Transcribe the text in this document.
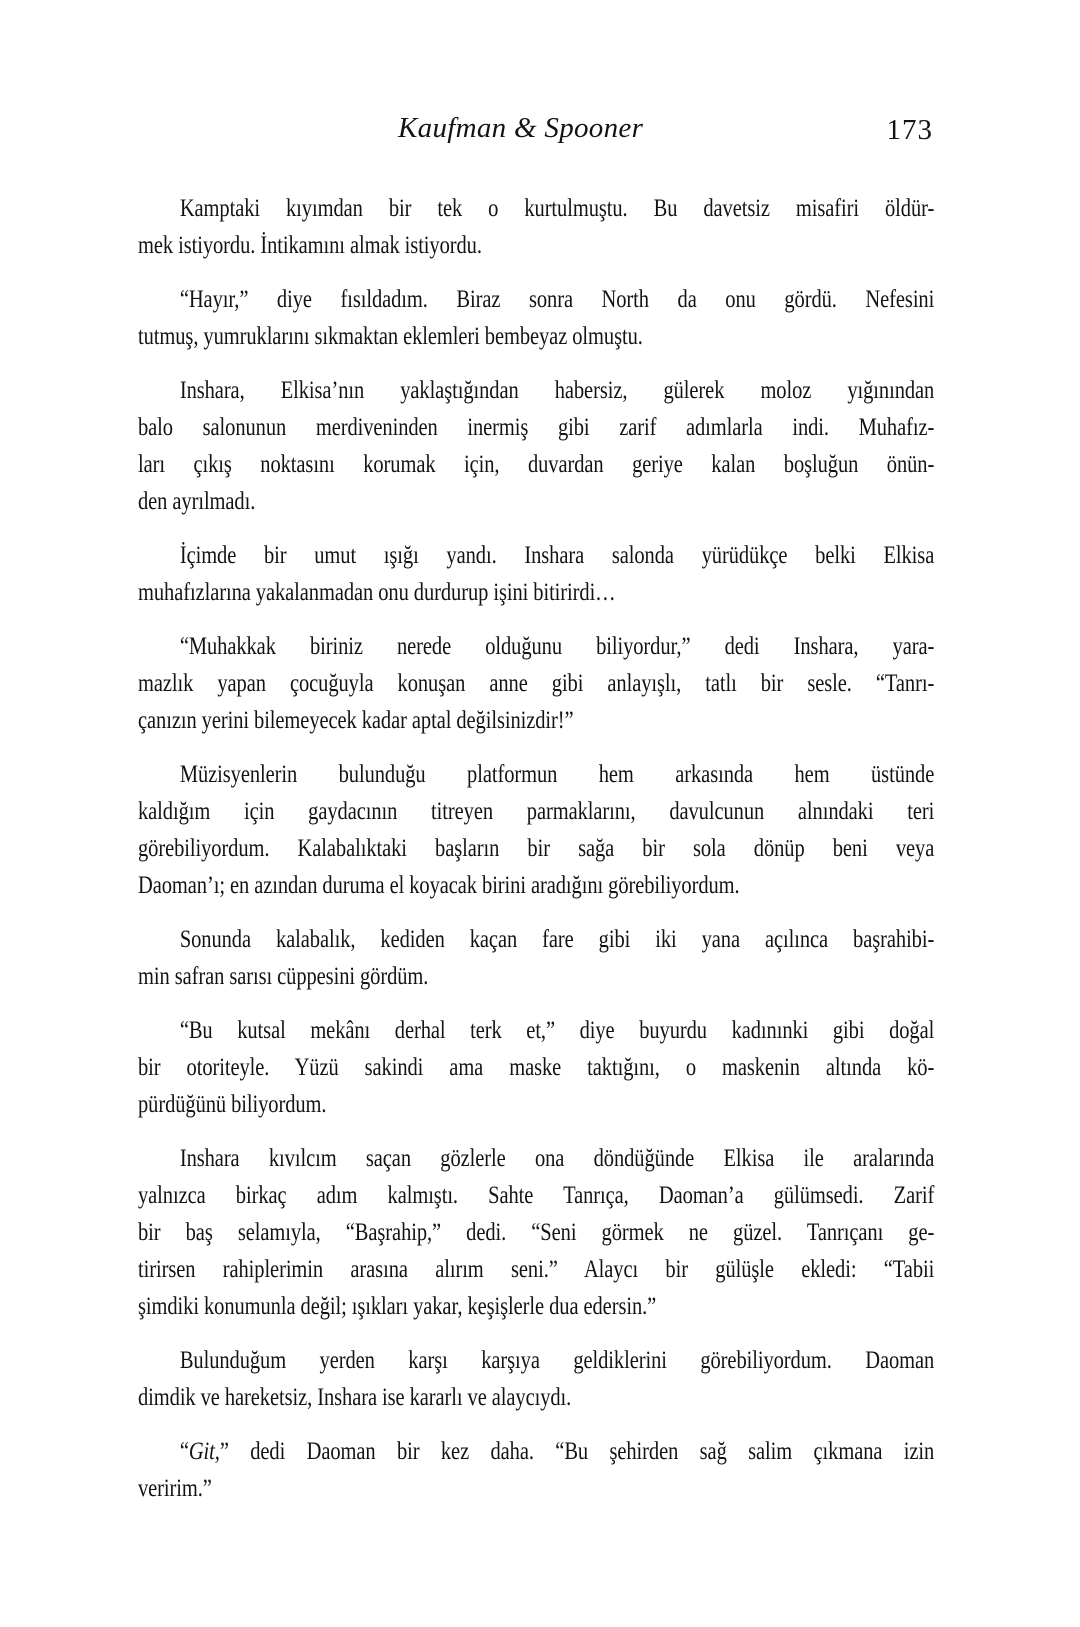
Kaufman & Spooner	173
Kamptaki kıyımdan bir tek o kurtulmuştu. Bu davetsiz misafiri öldür-
mek istiyordu. İntikamını almak istiyordu.
“Hayır,” diye fısıldadım. Biraz sonra North da onu gördü. Nefesini
tutmuş, yumruklarını sıkmaktan eklemleri bembeyaz olmuştu.
Inshara, Elkisa’nın yaklaştığından habersiz, gülerek moloz yığınından
balo salonunun merdiveninden inermiş gibi zarif adımlarla indi. Muhafız-
ları çıkış noktasını korumak için, duvardan geriye kalan boşluğun önün-
den ayrılmadı.
İçimde bir umut ışığı yandı. Inshara salonda yürüdükçe belki Elkisa
muhafızlarına yakalanmadan onu durdurup işini bitirirdi…
“Muhakkak biriniz nerede olduğunu biliyordur,” dedi Inshara, yara-
mazlık yapan çocuğuyla konuşan anne gibi anlayışlı, tatlı bir sesle. “Tanrı-
çanızın yerini bilemeyecek kadar aptal değilsinizdir!”
Müzisyenlerin bulunduğu platformun hem arkasında hem üstünde
kaldığım için gaydacının titreyen parmaklarını, davulcunun alnındaki teri
görebiliyordum. Kalabalıktaki başların bir sağa bir sola dönüp beni veya
Daoman’ı; en azından duruma el koyacak birini aradığını görebiliyordum.
Sonunda kalabalık, kediden kaçan fare gibi iki yana açılınca başrahibi-
min safran sarısı cüppesini gördüm.
“Bu kutsal mekânı derhal terk et,” diye buyurdu kadınınki gibi doğal
bir otoriteyle. Yüzü sakindi ama maske taktığını, o maskenin altında kö-
pürdüğünü biliyordum.
Inshara kıvılcım saçan gözlerle ona döndüğünde Elkisa ile aralarında
yalnızca birkaç adım kalmıştı. Sahte Tanrıça, Daoman’a gülümsedi. Zarif
bir baş selamıyla, “Başrahip,” dedi. “Seni görmek ne güzel. Tanrıçanı ge-
tirirsen rahiplerimin arasına alırım seni.” Alaycı bir gülüşle ekledi: “Tabii
şimdiki konumunla değil; ışıkları yakar, keşişlerle dua edersin.”
Bulunduğum yerden karşı karşıya geldiklerini görebiliyordum. Daoman
dimdik ve hareketsiz, Inshara ise kararlı ve alaycıydı.
“Git,” dedi Daoman bir kez daha. “Bu şehirden sağ salim çıkmana izin
veririm.”
